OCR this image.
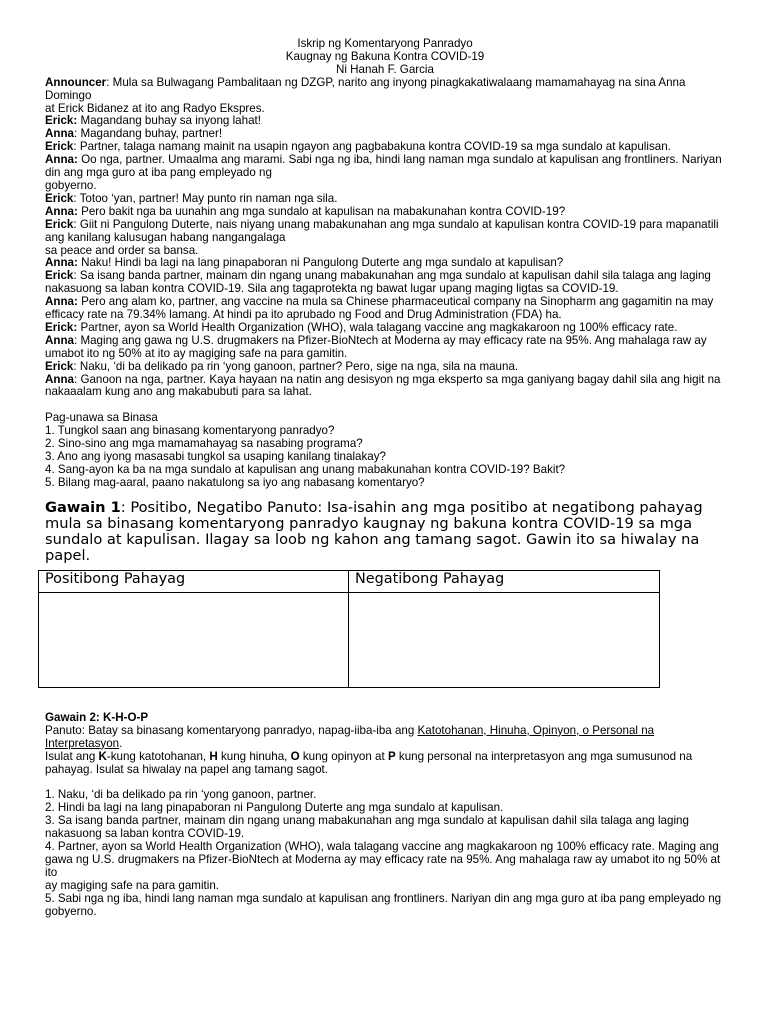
Iskrip ng Komentaryong Panradyo
Kaugnay ng Bakuna Kontra COVID-19
Ni Hanah F. Garcia
Announcer: Mula sa Bulwagang Pambalitaan ng DZGP, narito ang inyong pinagkakatiwalaang mamamahayag na sina Anna Domingo
at Erick Bidanez at ito ang Radyo Ekspres.
Erick: Magandang buhay sa inyong lahat!
Anna: Magandang buhay, partner!
Erick: Partner, talaga namang mainit na usapin ngayon ang pagbabakuna kontra COVID-19 sa mga sundalo at kapulisan.
Anna: Oo nga, partner. Umaalma ang marami. Sabi nga ng iba, hindi lang naman mga sundalo at kapulisan ang frontliners. Nariyan
din ang mga guro at iba pang empleyado ng
gobyerno.
Erick: Totoo ‘yan, partner! May punto rin naman nga sila.
Anna: Pero bakit nga ba uunahin ang mga sundalo at kapulisan na mabakunahan kontra COVID-19?
Erick: Giit ni Pangulong Duterte, nais niyang unang mabakunahan ang mga sundalo at kapulisan kontra COVID-19 para mapanatili
ang kanilang kalusugan habang nangangalaga
sa peace and order sa bansa.
Anna: Naku! Hindi ba lagi na lang pinapaboran ni Pangulong Duterte ang mga sundalo at kapulisan?
Erick: Sa isang banda partner, mainam din ngang unang mabakunahan ang mga sundalo at kapulisan dahil sila talaga ang laging
nakasuong sa laban kontra COVID-19. Sila ang tagaprotekta ng bawat lugar upang maging ligtas sa COVID-19.
Anna: Pero ang alam ko, partner, ang vaccine na mula sa Chinese pharmaceutical company na Sinopharm ang gagamitin na may
efficacy rate na 79.34% lamang. At hindi pa ito aprubado ng Food and Drug Administration (FDA) ha.
Erick: Partner, ayon sa World Health Organization (WHO), wala talagang vaccine ang magkakaroon ng 100% efficacy rate.
Anna: Maging ang gawa ng U.S. drugmakers na Pfizer-BioNtech at Moderna ay may efficacy rate na 95%. Ang mahalaga raw ay
umabot ito ng 50% at ito ay magiging safe na para gamitin.
Erick: Naku, ‘di ba delikado pa rin ‘yong ganoon, partner? Pero, sige na nga, sila na mauna.
Anna: Ganoon na nga, partner. Kaya hayaan na natin ang desisyon ng mga eksperto sa mga ganiyang bagay dahil sila ang higit na
nakaaalam kung ano ang makabubuti para sa lahat.
Pag-unawa sa Binasa
1. Tungkol saan ang binasang komentaryong panradyo?
2. Sino-sino ang mga mamamahayag sa nasabing programa?
3. Ano ang iyong masasabi tungkol sa usaping kanilang tinalakay?
4. Sang-ayon ka ba na mga sundalo at kapulisan ang unang mabakunahan kontra COVID-19? Bakit?
5. Bilang mag-aaral, paano nakatulong sa iyo ang nabasang komentaryo?
Gawain 1: Positibo, Negatibo Panuto: Isa-isahin ang mga positibo at negatibong pahayag mula sa binasang komentaryong panradyo kaugnay ng bakuna kontra COVID-19 sa mga sundalo at kapulisan. Ilagay sa loob ng kahon ang tamang sagot. Gawin ito sa hiwalay na papel.
Positibong Pahayag	Negatibong Pahayag

Gawain 2: K-H-O-P
Panuto: Batay sa binasang komentaryong panradyo, napag-iiba-iba ang Katotohanan, Hinuha, Opinyon, o Personal na Interpretasyon.
Isulat ang K-kung katotohanan, H kung hinuha, O kung opinyon at P kung personal na interpretasyon ang mga sumusunod na
pahayag. Isulat sa hiwalay na papel ang tamang sagot.
1. Naku, ‘di ba delikado pa rin ‘yong ganoon, partner.
2. Hindi ba lagi na lang pinapaboran ni Pangulong Duterte ang mga sundalo at kapulisan.
3. Sa isang banda partner, mainam din ngang unang mabakunahan ang mga sundalo at kapulisan dahil sila talaga ang laging
nakasuong sa laban kontra COVID-19.
4. Partner, ayon sa World Health Organization (WHO), wala talagang vaccine ang magkakaroon ng 100% efficacy rate. Maging ang
gawa ng U.S. drugmakers na Pfizer-BioNtech at Moderna ay may efficacy rate na 95%. Ang mahalaga raw ay umabot ito ng 50% at ito
ay magiging safe na para gamitin.
5. Sabi nga ng iba, hindi lang naman mga sundalo at kapulisan ang frontliners. Nariyan din ang mga guro at iba pang empleyado ng
gobyerno.
